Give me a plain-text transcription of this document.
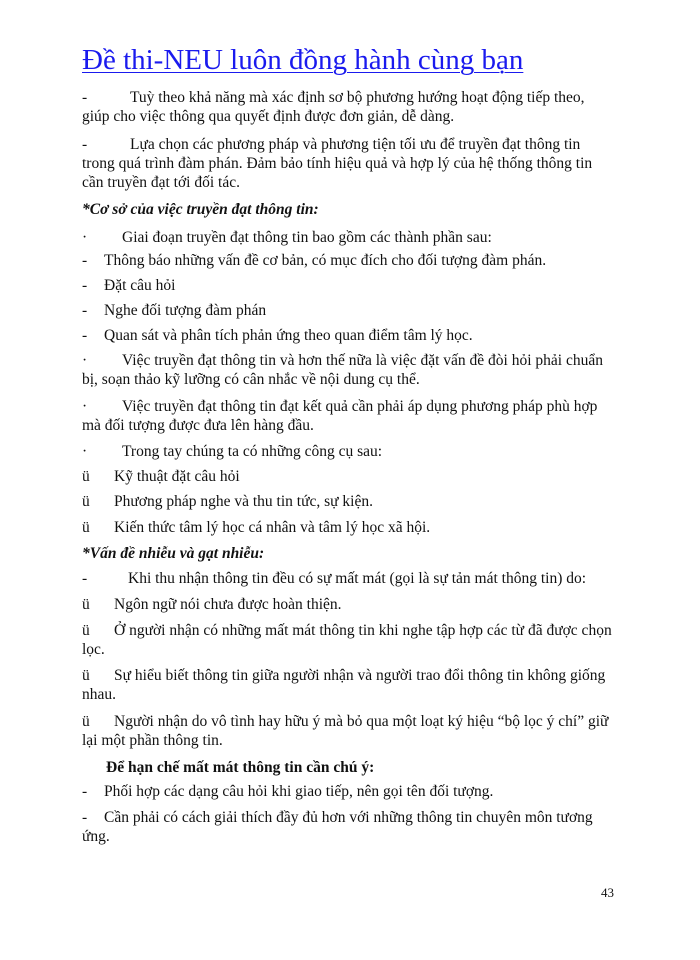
Đề thi-NEU luôn đồng hành cùng bạn
-	Tuỳ theo khả năng mà xác định sơ bộ phương hướng hoạt động tiếp theo, giúp cho việc thông qua quyết định được đơn giản, dễ dàng.
-	Lựa chọn các phương pháp và phương tiện tối ưu để truyền đạt thông tin trong quá trình đàm phán. Đảm bảo tính hiệu quả và hợp lý của hệ thống thông tin cần truyền đạt tới đối tác.
*Cơ sở của việc truyền đạt thông tin:
· Giai đoạn truyền đạt thông tin bao gồm các thành phần sau:
- Thông báo những vấn đề cơ bản, có mục đích cho đối tượng đàm phán.
- Đặt câu hỏi
- Nghe đối tượng đàm phán
- Quan sát và phân tích phản ứng theo quan điểm tâm lý học.
· Việc truyền đạt thông tin và hơn thế nữa là việc đặt vấn đề đòi hỏi phải chuẩn bị, soạn thảo kỹ lưỡng có cân nhắc về nội dung cụ thể.
· Việc truyền đạt thông tin đạt kết quả cần phải áp dụng phương pháp phù hợp mà đối tượng được đưa lên hàng đầu.
· Trong tay chúng ta có những công cụ sau:
ü Kỹ thuật đặt câu hỏi
ü Phương pháp nghe và thu tin tức, sự kiện.
ü Kiến thức tâm lý học cá nhân và tâm lý học xã hội.
*Vấn đề nhiễu và gạt nhiễu:
-	Khi thu nhận thông tin đều có sự mất mát (gọi là sự tản mát thông tin) do:
ü Ngôn ngữ nói chưa được hoàn thiện.
ü Ở người nhận có những mất mát thông tin khi nghe tập hợp các từ đã được chọn lọc.
ü Sự hiểu biết thông tin giữa người nhận và người trao đổi thông tin không giống nhau.
ü Người nhận do vô tình hay hữu ý mà bỏ qua một loạt ký hiệu “bộ lọc ý chí” giữ lại một phần thông tin.
Để hạn chế mất mát thông tin cần chú ý:
- Phối hợp các dạng câu hỏi khi giao tiếp, nên gọi tên đối tượng.
- Cần phải có cách giải thích đầy đủ hơn với những thông tin chuyên môn tương ứng.
43
